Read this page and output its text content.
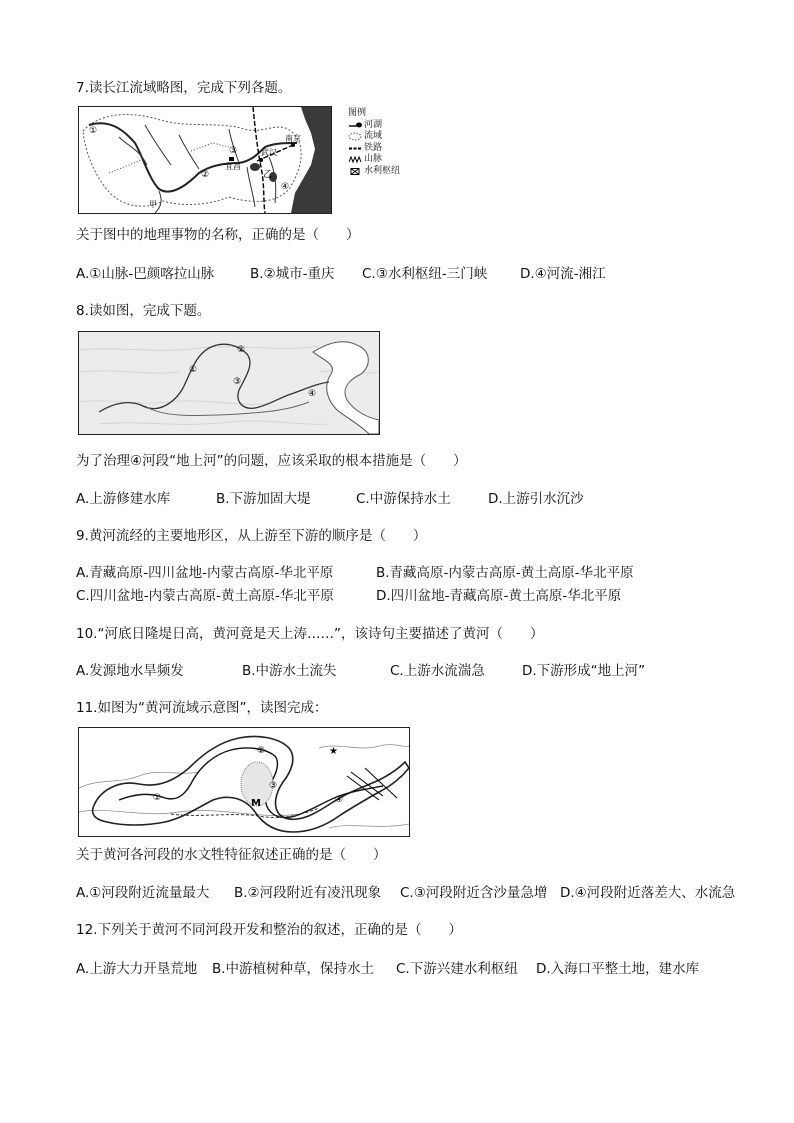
7.读长江流域略图，完成下列各题。
①
②
③
④
南京
武汉
宜昌
乙
甲
图例
河湖
流域
铁路
山脉
水利枢纽
关于图中的地理事物的名称，正确的是（　　）
A.①山脉-巴颜喀拉山脉	B.②城市-重庆 C.③水利枢纽-三门峡 D.④河流-湘江
8.读如图，完成下题。
①
②
③
④
为了治理④河段“地上河”的问题，应该采取的根本措施是（　　）
A.上游修建水库	B.下游加固大堤	C.中游保持水土	D.上游引水沉沙
9.黄河流经的主要地形区，从上游至下游的顺序是（　　）
A.青藏高原-四川盆地-内蒙古高原-华北平原	B.青藏高原-内蒙古高原-黄土高原-华北平原
C.四川盆地-内蒙古高原-黄土高原-华北平原	D.四川盆地-青藏高原-黄土高原-华北平原
10.“河底日隆堤日高，黄河竟是天上涛……”，该诗句主要描述了黄河（　　）
A.发源地水旱频发	B.中游水土流失	C.上游水流湍急	D.下游形成“地上河”
11.如图为“黄河流域示意图”，读图完成：
①
②
③
④
M
★
关于黄河各河段的水文牲特征叙述正确的是（　　）
A.①河段附近流量最大 B.②河段附近有凌汛现象 C.③河段附近含沙量急增 D.④河段附近落差大、水流急
12.下列关于黄河不同河段开发和整治的叙述，正确的是（　　）
A.上游大力开垦荒地 B.中游植树种草，保持水土 C.下游兴建水利枢纽 D.入海口平整土地，建水库
